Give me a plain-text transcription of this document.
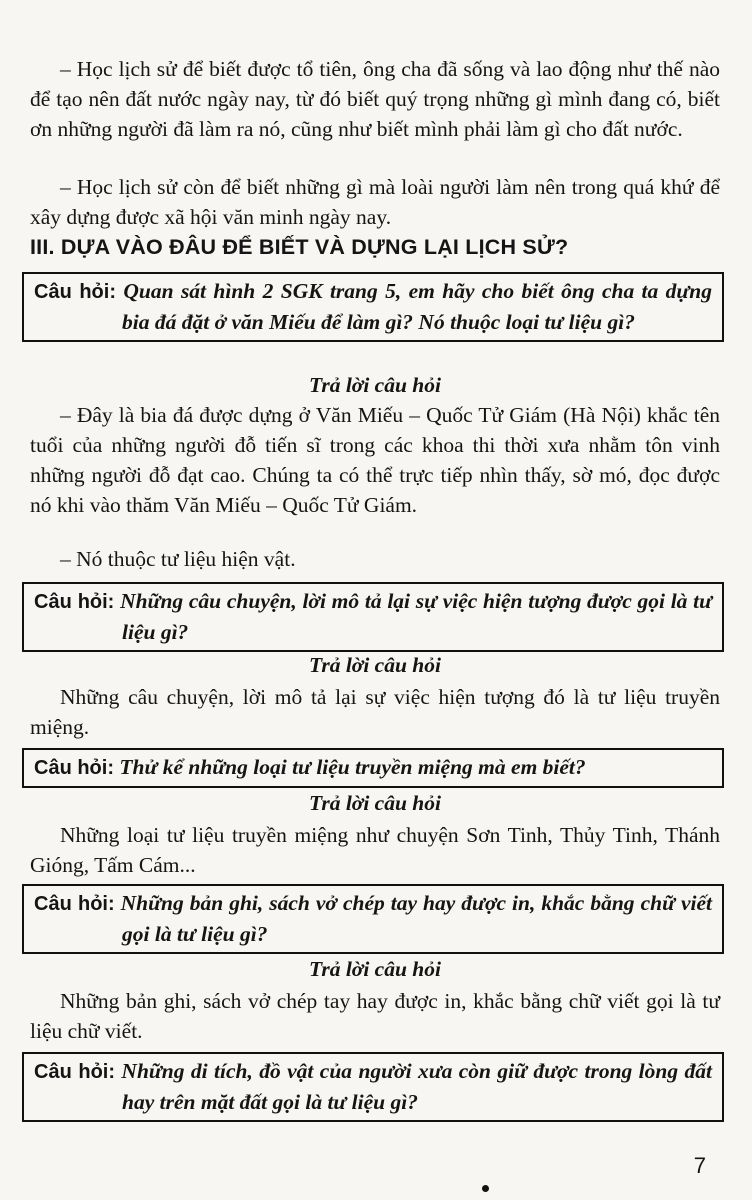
– Học lịch sử để biết được tổ tiên, ông cha đã sống và lao động như thế nào để tạo nên đất nước ngày nay, từ đó biết quý trọng những gì mình đang có, biết ơn những người đã làm ra nó, cũng như biết mình phải làm gì cho đất nước.

– Học lịch sử còn để biết những gì mà loài người làm nên trong quá khứ để xây dựng được xã hội văn minh ngày nay.

III. DỰA VÀO ĐÂU ĐỂ BIẾT VÀ DỰNG LẠI LỊCH SỬ?
Câu hỏi: Quan sát hình 2 SGK trang 5, em hãy cho biết ông cha ta dựng bia đá đặt ở văn Miếu để làm gì? Nó thuộc loại tư liệu gì?
Trả lời câu hỏi

– Đây là bia đá được dựng ở Văn Miếu – Quốc Tử Giám (Hà Nội) khắc tên tuổi của những người đỗ tiến sĩ trong các khoa thi thời xưa nhằm tôn vinh những người đỗ đạt cao. Chúng ta có thể trực tiếp nhìn thấy, sờ mó, đọc được nó khi vào thăm Văn Miếu – Quốc Tử Giám.

– Nó thuộc tư liệu hiện vật.

Câu hỏi: Những câu chuyện, lời mô tả lại sự việc hiện tượng được gọi là tư liệu gì?
Trả lời câu hỏi

Những câu chuyện, lời mô tả lại sự việc hiện tượng đó là tư liệu truyền miệng.

Câu hỏi: Thử kể những loại tư liệu truyền miệng mà em biết?
Trả lời câu hỏi

Những loại tư liệu truyền miệng như chuyện Sơn Tinh, Thủy Tinh, Thánh Gióng, Tấm Cám...

Câu hỏi: Những bản ghi, sách vở chép tay hay được in, khắc bằng chữ viết gọi là tư liệu gì?
Trả lời câu hỏi

Những bản ghi, sách vở chép tay hay được in, khắc bằng chữ viết gọi là tư liệu chữ viết.

Câu hỏi: Những di tích, đồ vật của người xưa còn giữ được trong lòng đất hay trên mặt đất gọi là tư liệu gì?
7
